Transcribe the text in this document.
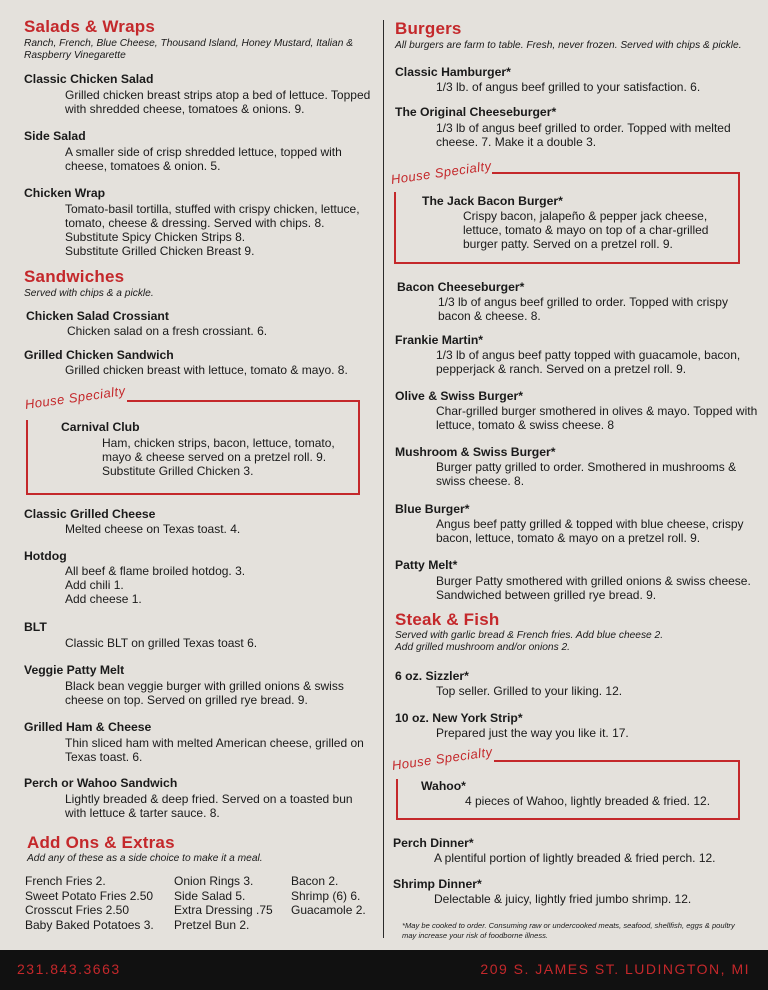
Salads & Wraps
Ranch, French, Blue Cheese, Thousand Island, Honey Mustard, Italian &
Raspberry Vinegarette
Classic Chicken Salad
Grilled chicken breast strips atop a bed of lettuce. Topped
with shredded cheese, tomatoes & onions. 9.
Side Salad
A smaller side of crisp shredded lettuce, topped with
cheese, tomatoes & onion. 5.
Chicken Wrap
Tomato-basil tortilla, stuffed with crispy chicken, lettuce,
tomato, cheese & dressing. Served with chips. 8.
Substitute Spicy Chicken Strips 8.
Substitute Grilled Chicken Breast 9.
Sandwiches
Served with chips & a pickle.
Chicken Salad Crossiant
Chicken salad on a fresh crossiant. 6.
Grilled Chicken Sandwich
Grilled chicken breast with lettuce, tomato & mayo. 8.
House Specialty
Carnival Club
Ham, chicken strips, bacon, lettuce, tomato,
mayo & cheese served on a pretzel roll. 9.
Substitute Grilled Chicken 3.
Classic Grilled Cheese
Melted cheese on Texas toast. 4.
Hotdog
All beef & flame broiled hotdog. 3.
Add chili 1.
Add cheese 1.
BLT
Classic BLT on grilled Texas toast 6.
Veggie Patty Melt
Black bean veggie burger with grilled onions & swiss
cheese on top. Served on grilled rye bread. 9.
Grilled Ham & Cheese
Thin sliced ham with melted American cheese, grilled on
Texas toast. 6.
Perch or Wahoo Sandwich
Lightly breaded & deep fried. Served on a toasted bun
with lettuce & tarter sauce. 8.
Add Ons & Extras
Add any of these as a side choice to make it a meal.
French Fries 2.
Sweet Potato Fries 2.50
Crosscut Fries 2.50
Baby Baked Potatoes 3.
Onion Rings 3.
Side Salad 5.
Extra Dressing .75
Pretzel Bun 2.
Bacon 2.
Shrimp (6) 6.
Guacamole 2.
Burgers
All burgers are farm to table. Fresh, never frozen. Served with chips & pickle.
Classic Hamburger*
1/3 lb. of angus beef grilled to your satisfaction. 6.
The Original Cheeseburger*
1/3 lb of angus beef grilled to order. Topped with melted
cheese. 7. Make it a double 3.
House Specialty
The Jack Bacon Burger*
Crispy bacon, jalapeño & pepper jack cheese,
lettuce, tomato & mayo on top of a char-grilled
burger patty. Served on a pretzel roll. 9.
Bacon Cheeseburger*
1/3 lb of angus beef grilled to order. Topped with crispy
bacon & cheese. 8.
Frankie Martin*
1/3 lb of angus beef patty topped with guacamole, bacon,
pepperjack & ranch. Served on a pretzel roll. 9.
Olive & Swiss Burger*
Char-grilled burger smothered in olives & mayo. Topped with
lettuce, tomato & swiss cheese. 8
Mushroom & Swiss Burger*
Burger patty grilled to order. Smothered in mushrooms &
swiss cheese. 8.
Blue Burger*
Angus beef patty grilled & topped with blue cheese, crispy
bacon, lettuce, tomato & mayo on a pretzel roll. 9.
Patty Melt*
Burger Patty smothered with grilled onions & swiss cheese.
Sandwiched between grilled rye bread. 9.
Steak & Fish
Served with garlic bread & French fries. Add blue cheese 2.
Add grilled mushroom and/or onions 2.
6 oz. Sizzler*
Top seller. Grilled to your liking. 12.
10 oz. New York Strip*
Prepared just the way you like it. 17.
House Specialty
Wahoo*
4 pieces of Wahoo, lightly breaded & fried. 12.
Perch Dinner*
A plentiful portion of lightly breaded & fried perch. 12.
Shrimp Dinner*
Delectable & juicy, lightly fried jumbo shrimp. 12.
*May be cooked to order. Consuming raw or undercooked meats, seafood, shellfish, eggs & poultry
may increase your risk of foodborne illness.
231.843.3663	209 S. JAMES ST. LUDINGTON, MI
